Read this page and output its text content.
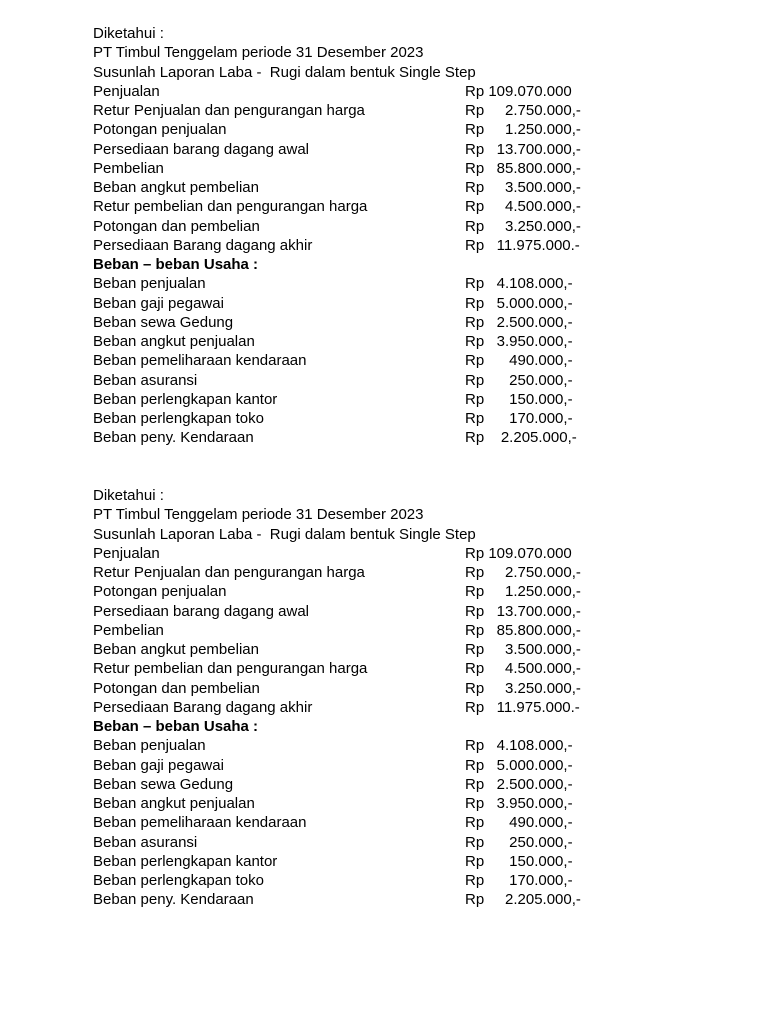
Diketahui :
PT Timbul Tenggelam periode 31 Desember 2023
Susunlah Laporan Laba -  Rugi dalam bentuk Single Step
Penjualan	Rp 109.070.000
Retur Penjualan dan pengurangan harga	Rp     2.750.000,-
Potongan penjualan	Rp     1.250.000,-
Persediaan barang dagang awal	Rp   13.700.000,-
Pembelian	Rp   85.800.000,-
Beban angkut pembelian	Rp     3.500.000,-
Retur pembelian dan pengurangan harga	Rp     4.500.000,-
Potongan dan pembelian	Rp     3.250.000,-
Persediaan Barang dagang akhir	Rp   11.975.000.-
Beban – beban Usaha :
Beban penjualan	Rp   4.108.000,-
Beban gaji pegawai	Rp   5.000.000,-
Beban sewa Gedung	Rp   2.500.000,-
Beban angkut penjualan	Rp   3.950.000,-
Beban pemeliharaan kendaraan	Rp      490.000,-
Beban asuransi	Rp      250.000,-
Beban perlengkapan kantor	Rp      150.000,-
Beban perlengkapan toko	Rp      170.000,-
Beban peny. Kendaraan	Rp    2.205.000,-
Diketahui :
PT Timbul Tenggelam periode 31 Desember 2023
Susunlah Laporan Laba -  Rugi dalam bentuk Single Step
Penjualan	Rp 109.070.000
Retur Penjualan dan pengurangan harga	Rp     2.750.000,-
Potongan penjualan	Rp     1.250.000,-
Persediaan barang dagang awal	Rp   13.700.000,-
Pembelian	Rp   85.800.000,-
Beban angkut pembelian	Rp     3.500.000,-
Retur pembelian dan pengurangan harga	Rp     4.500.000,-
Potongan dan pembelian	Rp     3.250.000,-
Persediaan Barang dagang akhir	Rp   11.975.000.-
Beban – beban Usaha :
Beban penjualan	Rp   4.108.000,-
Beban gaji pegawai	Rp   5.000.000,-
Beban sewa Gedung	Rp   2.500.000,-
Beban angkut penjualan	Rp   3.950.000,-
Beban pemeliharaan kendaraan	Rp      490.000,-
Beban asuransi	Rp      250.000,-
Beban perlengkapan kantor	Rp      150.000,-
Beban perlengkapan toko	Rp      170.000,-
Beban peny. Kendaraan	Rp     2.205.000,-
